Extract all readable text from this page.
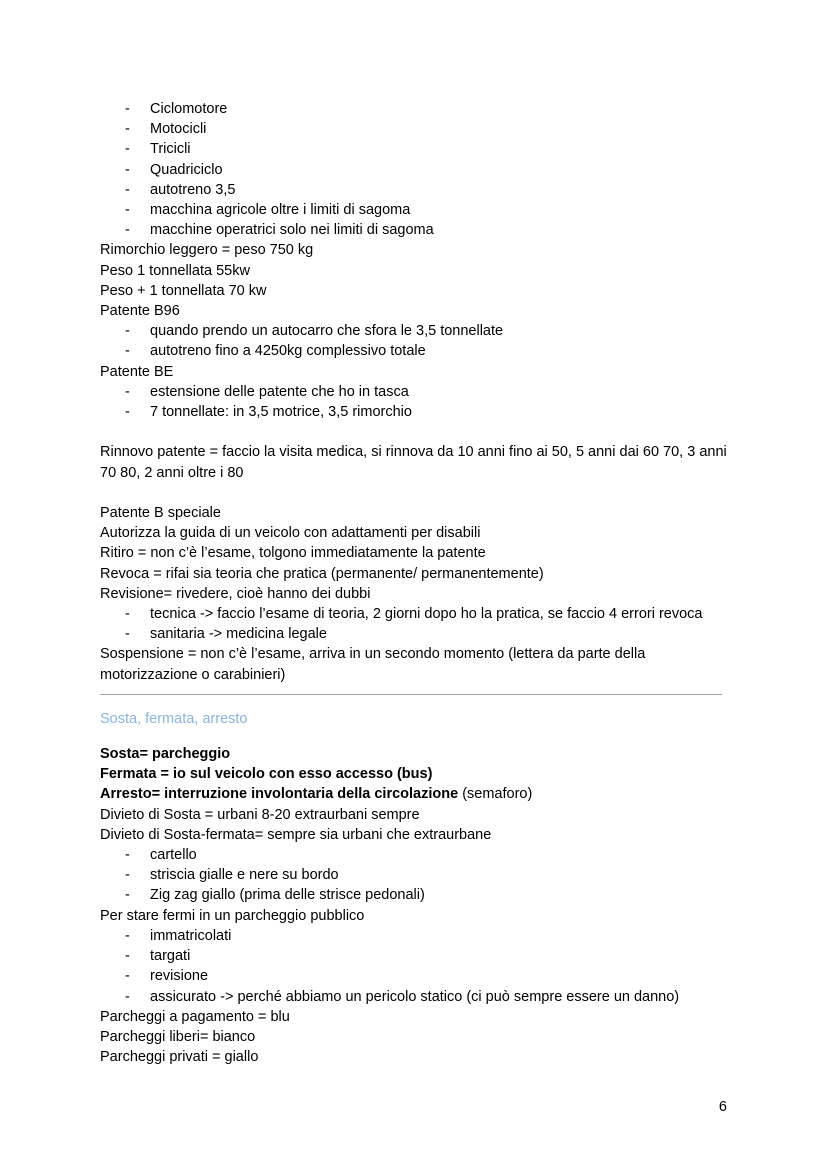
- Ciclomotore
- Motocicli
- Tricicli
- Quadriciclo
- autotreno 3,5
- macchina agricole oltre i limiti di sagoma
- macchine operatrici solo nei limiti di sagoma

Rimorchio leggero = peso 750 kg

Peso 1 tonnellata 55kw

Peso + 1 tonnellata 70 kw

Patente B96

- quando prendo un autocarro che sfora le 3,5 tonnellate
- autotreno fino a 4250kg complessivo totale

Patente BE

- estensione delle patente che ho in tasca
- 7 tonnellate: in 3,5 motrice, 3,5 rimorchio

Rinnovo patente = faccio la visita medica, si rinnova da 10 anni fino ai 50, 5 anni dai 60 70, 3 anni 70 80, 2 anni oltre i 80

Patente B speciale

Autorizza la guida di un veicolo con adattamenti per disabili

Ritiro = non c’è l’esame, tolgono immediatamente la patente

Revoca = rifai sia teoria che pratica (permanente/ permanentemente)

Revisione= rivedere, cioè hanno dei dubbi

- tecnica -> faccio l’esame di teoria, 2 giorni dopo ho la pratica, se faccio 4 errori revoca
- sanitaria -> medicina legale

Sospensione = non c’è l’esame, arriva in un secondo momento (lettera da parte della motorizzazione o carabinieri)

Sosta, fermata, arresto

Sosta= parcheggio

Fermata = io sul veicolo con esso accesso (bus)

Arresto= interruzione involontaria della circolazione (semaforo)

Divieto di Sosta = urbani 8-20 extraurbani sempre

Divieto di Sosta-fermata= sempre sia urbani che extraurbane

- cartello
- striscia gialle e nere su bordo
- Zig zag giallo (prima delle strisce pedonali)

Per stare fermi in un parcheggio pubblico

- immatricolati
- targati
- revisione
- assicurato -> perché abbiamo un pericolo statico (ci può sempre essere un danno)

Parcheggi a pagamento = blu

Parcheggi liberi= bianco

Parcheggi privati = giallo

6
